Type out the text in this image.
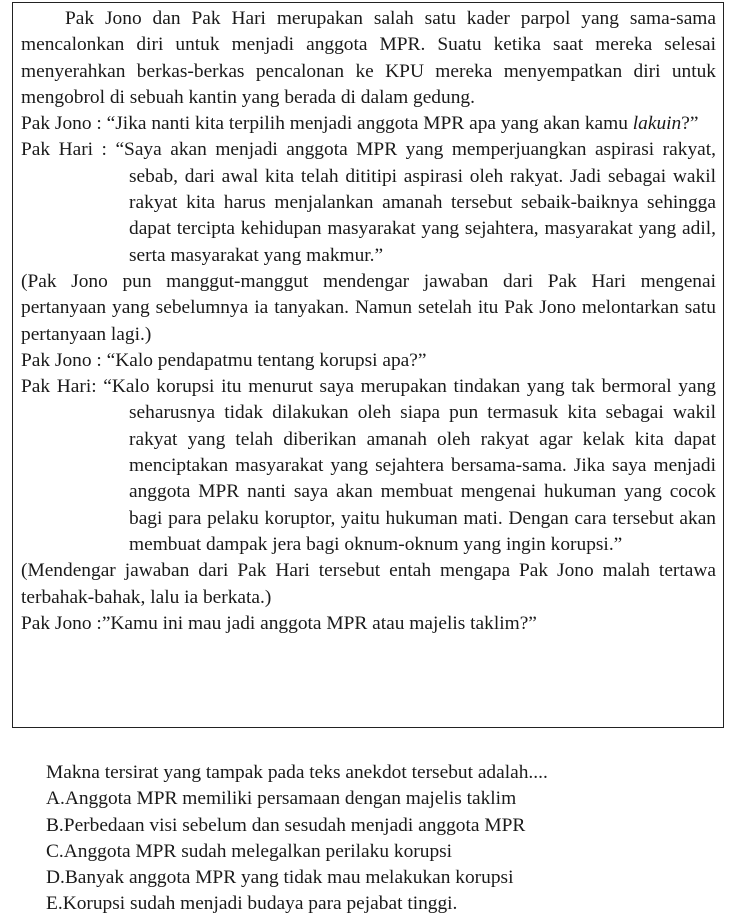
Pak Jono dan Pak Hari merupakan salah satu kader parpol yang sama-sama mencalonkan diri untuk menjadi anggota MPR. Suatu ketika saat mereka selesai menyerahkan berkas-berkas pencalonan ke KPU mereka menyempatkan diri untuk mengobrol di sebuah kantin yang berada di dalam gedung.

Pak Jono : “Jika nanti kita terpilih menjadi anggota MPR apa yang akan kamu lakuin?”

Pak Hari : “Saya akan menjadi anggota MPR yang memperjuangkan aspirasi rakyat, sebab, dari awal kita telah dititipi aspirasi oleh rakyat. Jadi sebagai wakil rakyat kita harus menjalankan amanah tersebut sebaik-baiknya sehingga dapat tercipta kehidupan masyarakat yang sejahtera, masyarakat yang adil, serta masyarakat yang makmur.”

(Pak Jono pun manggut-manggut mendengar jawaban dari Pak Hari mengenai pertanyaan yang sebelumnya ia tanyakan. Namun setelah itu Pak Jono melontarkan satu pertanyaan lagi.)

Pak Jono : “Kalo pendapatmu tentang korupsi apa?”

Pak Hari: “Kalo korupsi itu menurut saya merupakan tindakan yang tak bermoral yang seharusnya tidak dilakukan oleh siapa pun termasuk kita sebagai wakil rakyat yang telah diberikan amanah oleh rakyat agar kelak kita dapat menciptakan masyarakat yang sejahtera bersama-sama. Jika saya menjadi anggota MPR nanti saya akan membuat mengenai hukuman yang cocok bagi para pelaku koruptor, yaitu hukuman mati. Dengan cara tersebut akan membuat dampak jera bagi oknum-oknum yang ingin korupsi.”

(Mendengar jawaban dari Pak Hari tersebut entah mengapa Pak Jono malah tertawa terbahak-bahak, lalu ia berkata.)

Pak Jono :”Kamu ini mau jadi anggota MPR atau majelis taklim?”

Makna tersirat yang tampak pada teks anekdot tersebut adalah....

A.Anggota MPR memiliki persamaan dengan majelis taklim
B.Perbedaan visi sebelum dan sesudah menjadi anggota MPR
C.Anggota MPR sudah melegalkan perilaku korupsi
D.Banyak anggota MPR yang tidak mau melakukan korupsi
E.Korupsi sudah menjadi budaya para pejabat tinggi.
